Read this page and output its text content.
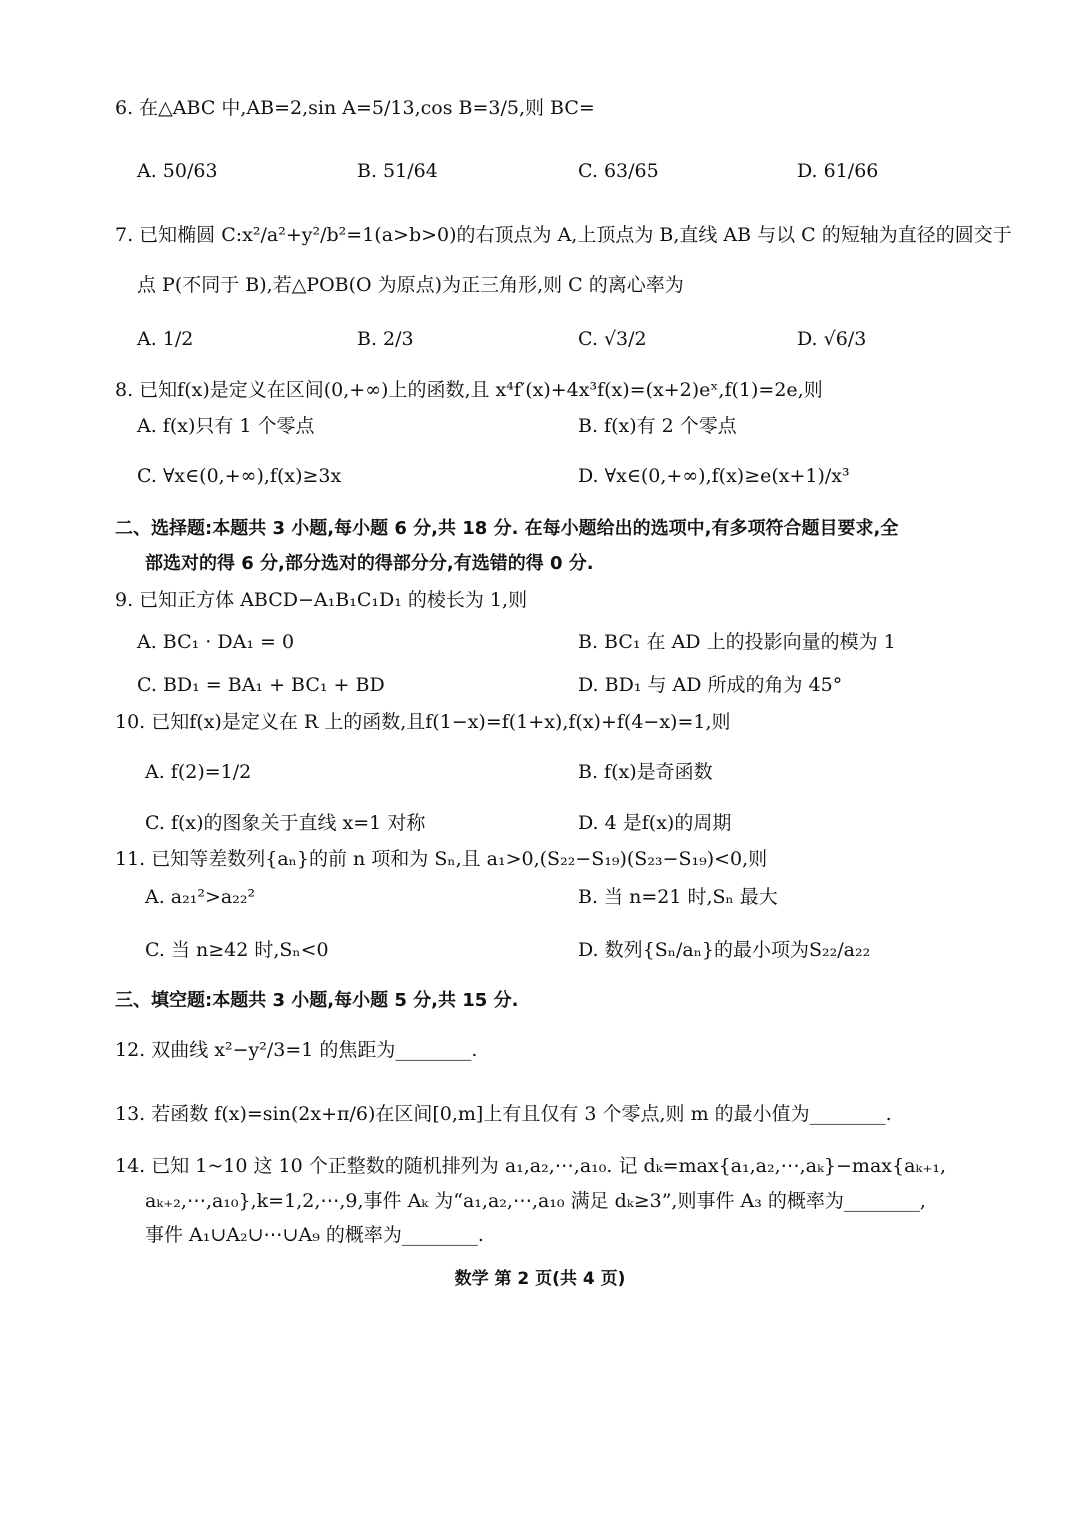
6. 在△ABC 中,AB=2,sin A=5/13,cos B=3/5,则 BC=
A. 50/63	B. 51/64	C. 63/65	D. 61/66
7. 已知椭圆 C:x²/a²+y²/b²=1(a>b>0)的右顶点为 A,上顶点为 B,直线 AB 与以 C 的短轴为直径的圆交于
点 P(不同于 B),若△POB(O 为原点)为正三角形,则 C 的离心率为
A. 1/2	B. 2/3	C. √3/2	D. √6/3
8. 已知f(x)是定义在区间(0,+∞)上的函数,且 x⁴f′(x)+4x³f(x)=(x+2)eˣ,f(1)=2e,则
A. f(x)只有 1 个零点	B. f(x)有 2 个零点
C. ∀x∈(0,+∞),f(x)≥3x	D. ∀x∈(0,+∞),f(x)≥e(x+1)/x³
二、选择题:本题共 3 小题,每小题 6 分,共 18 分. 在每小题给出的选项中,有多项符合题目要求,全
部选对的得 6 分,部分选对的得部分分,有选错的得 0 分.
9. 已知正方体 ABCD−A₁B₁C₁D₁ 的棱长为 1,则
A. BC₁ · DA₁ = 0	B. BC₁ 在 AD 上的投影向量的模为 1
C. BD₁ = BA₁ + BC₁ + BD	D. BD₁ 与 AD 所成的角为 45°
10. 已知f(x)是定义在 R 上的函数,且f(1−x)=f(1+x),f(x)+f(4−x)=1,则
A. f(2)=1/2	B. f(x)是奇函数
C. f(x)的图象关于直线 x=1 对称	D. 4 是f(x)的周期
11. 已知等差数列{aₙ}的前 n 项和为 Sₙ,且 a₁>0,(S₂₂−S₁₉)(S₂₃−S₁₉)<0,则
A. a₂₁²>a₂₂²	B. 当 n=21 时,Sₙ 最大
C. 当 n≥42 时,Sₙ<0	D. 数列{Sₙ/aₙ}的最小项为S₂₂/a₂₂
三、填空题:本题共 3 小题,每小题 5 分,共 15 分.
12. 双曲线 x²−y²/3=1 的焦距为________.
13. 若函数 f(x)=sin(2x+π/6)在区间[0,m]上有且仅有 3 个零点,则 m 的最小值为________.
14. 已知 1~10 这 10 个正整数的随机排列为 a₁,a₂,⋯,a₁₀. 记 dₖ=max{a₁,a₂,⋯,aₖ}−max{aₖ₊₁,
aₖ₊₂,⋯,a₁₀},k=1,2,⋯,9,事件 Aₖ 为“a₁,a₂,⋯,a₁₀ 满足 dₖ≥3”,则事件 A₃ 的概率为________,
事件 A₁∪A₂∪⋯∪A₉ 的概率为________.
数学 第 2 页(共 4 页)
